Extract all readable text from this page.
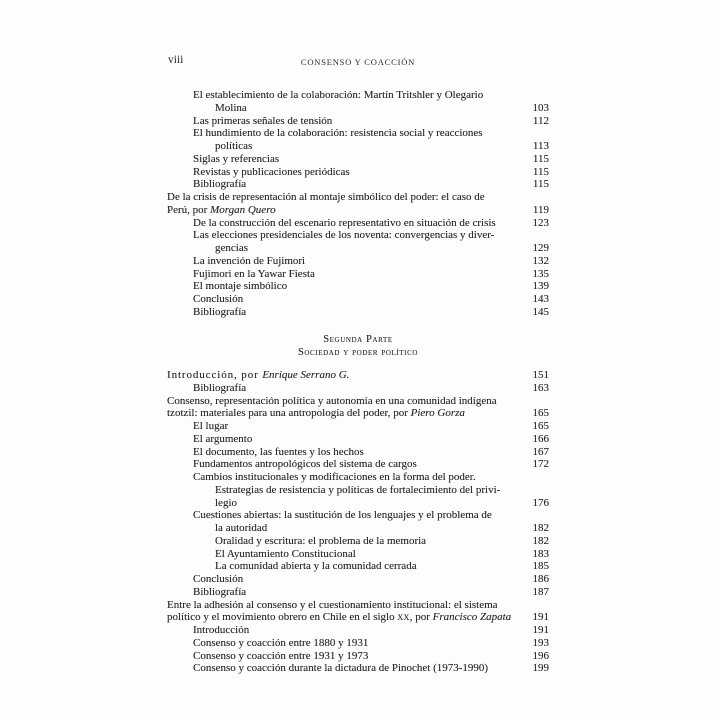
viii	CONSENSO Y COACCIÓN
El establecimiento de la colaboración: Martín Tritshler y Olegario
Molina	103
Las primeras señales de tensión	112
El hundimiento de la colaboración: resistencia social y reacciones
políticas	113
Siglas y referencias	115
Revistas y publicaciones periódicas	115
Bibliografía	115
De la crisis de representación al montaje simbólico del poder: el caso de
Perú, por Morgan Quero	119
De la construcción del escenario representativo en situación de crisis	123
Las elecciones presidenciales de los noventa: convergencias y diver-
gencias	129
La invención de Fujimori	132
Fujimori en la Yawar Fiesta	135
El montaje simbólico	139
Conclusión	143
Bibliografía	145
Segunda Parte
Sociedad y poder político
Introducción, por Enrique Serrano G.	151
Bibliografía	163
Consenso, representación política y autonomía en una comunidad indígena
tzotzil: materiales para una antropología del poder, por Piero Gorza	165
El lugar	165
El argumento	166
El documento, las fuentes y los hechos	167
Fundamentos antropológicos del sistema de cargos	172
Cambios institucionales y modificaciones en la forma del poder.
Estrategias de resistencia y políticas de fortalecimiento del privi-
legio	176
Cuestiones abiertas: la sustitución de los lenguajes y el problema de
la autoridad	182
Oralidad y escritura: el problema de la memoria	182
El Ayuntamiento Constitucional	183
La comunidad abierta y la comunidad cerrada	185
Conclusión	186
Bibliografía	187
Entre la adhesión al consenso y el cuestionamiento institucional: el sistema
político y el movimiento obrero en Chile en el siglo xx, por Francisco Zapata	191
Introducción	191
Consenso y coacción entre 1880 y 1931	193
Consenso y coacción entre 1931 y 1973	196
Consenso y coacción durante la dictadura de Pinochet (1973-1990)	199
